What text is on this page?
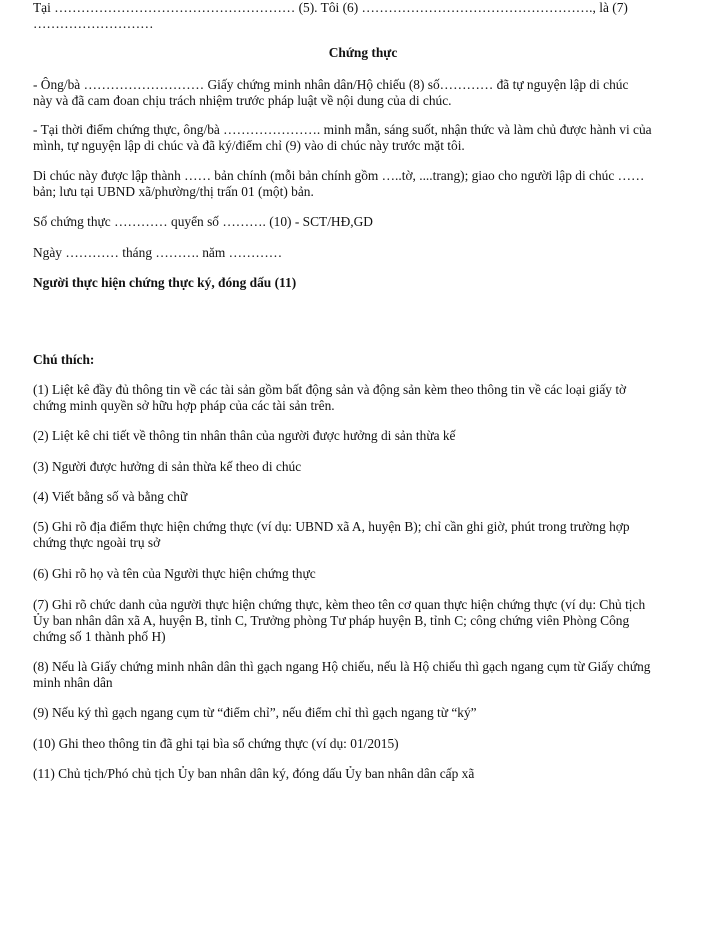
Tại ……………………………………………… (5). Tôi (6) ……………………………………………., là (7)
………………………
Chứng thực
- Ông/bà ……………………… Giấy chứng minh nhân dân/Hộ chiếu (8) số………… đã tự nguyện lập di chúc
này và đã cam đoan chịu trách nhiệm trước pháp luật về nội dung của di chúc.
- Tại thời điểm chứng thực, ông/bà …………………. minh mẫn, sáng suốt, nhận thức và làm chủ được hành vi của
mình, tự nguyện lập di chúc và đã ký/điểm chỉ (9) vào di chúc này trước mặt tôi.
Di chúc này được lập thành …… bản chính (mỗi bản chính gồm …..tờ, ....trang); giao cho người lập di chúc ……
bản; lưu tại UBND xã/phường/thị trấn 01 (một) bản.
Số chứng thực ………… quyển số ………. (10) - SCT/HĐ,GD
Ngày ………… tháng ………. năm …………
Người thực hiện chứng thực ký, đóng dấu (11)
Chú thích:
(1) Liệt kê đầy đủ thông tin về các tài sản gồm bất động sản và động sản kèm theo thông tin về các loại giấy tờ
chứng minh quyền sở hữu hợp pháp của các tài sản trên.
(2) Liệt kê chi tiết về thông tin nhân thân của người được hưởng di sản thừa kế
(3) Người được hưởng di sản thừa kế theo di chúc
(4) Viết bằng số và bằng chữ
(5) Ghi rõ địa điểm thực hiện chứng thực (ví dụ: UBND xã A, huyện B); chỉ cần ghi giờ, phút trong trường hợp
chứng thực ngoài trụ sở
(6) Ghi rõ họ và tên của Người thực hiện chứng thực
(7) Ghi rõ chức danh của người thực hiện chứng thực, kèm theo tên cơ quan thực hiện chứng thực (ví dụ: Chủ tịch
Ủy ban nhân dân xã A, huyện B, tỉnh C, Trưởng phòng Tư pháp huyện B, tỉnh C; công chứng viên Phòng Công
chứng số 1 thành phố H)
(8) Nếu là Giấy chứng minh nhân dân thì gạch ngang Hộ chiếu, nếu là Hộ chiếu thì gạch ngang cụm từ Giấy chứng
minh nhân dân
(9) Nếu ký thì gạch ngang cụm từ “điểm chỉ”, nếu điểm chỉ thì gạch ngang từ “ký”
(10) Ghi theo thông tin đã ghi tại bìa sổ chứng thực (ví dụ: 01/2015)
(11) Chủ tịch/Phó chủ tịch Ủy ban nhân dân ký, đóng dấu Ủy ban nhân dân cấp xã
